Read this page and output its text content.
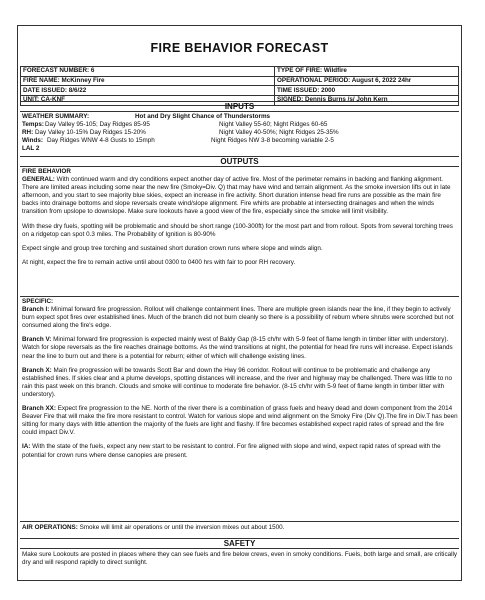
FIRE BEHAVIOR FORECAST
FORECAST NUMBER: 6	TYPE OF FIRE: Wildfire
FIRE NAME: McKinney Fire	OPERATIONAL PERIOD: August 6, 2022 24hr
DATE ISSUED: 8/6/22	TIME ISSUED: 2000
UNIT: CA-KNF	SIGNED: Dennis Burns /s/ John Kern
INPUTS
WEATHER SUMMARY:	Hot and Dry Slight Chance of Thunderstorms
Temps: Day Valley 95-105; Day Ridges 85-95	Night Valley 55-60; Night Ridges 60-65
RH: Day Valley 10-15% Day Ridges 15-20%	Night Valley 40-50%; Night Ridges 25-35%
Winds: Day Ridges WNW 4-8 Gusts to 15mph	Night Ridges NW 3-8 becoming variable 2-5
LAL 2
OUTPUTS

FIRE BEHAVIOR

GENERAL: With continued warm and dry conditions expect another day of active fire. Most of the perimeter remains in backing and flanking alignment. There are limited areas including some near the new fire (Smoky=Div. Q) that may have wind and terrain alignment. As the smoke inversion lifts out in late afternoon, and you start to see majority blue skies, expect an increase in fire activity. Short duration intense head fire runs are possible as the main fire backs into drainage bottoms and slope reversals create wind/slope alignment. Fire whirls are probable at intersecting drainages and when the winds transition from upslope to downslope. Make sure lookouts have a good view of the fire, especially since the smoke will limit visibility.

With these dry fuels, spotting will be problematic and should be short range (100-300ft) for the most part and from rollout. Spots from several torching trees on a ridgetop can spot 0.3 miles. The Probability of Ignition is 80-90%

Expect single and group tree torching and sustained short duration crown runs where slope and winds align.

At night, expect the fire to remain active until about 0300 to 0400 hrs with fair to poor RH recovery.

SPECIFIC:

Branch I: Minimal forward fire progression. Rollout will challenge containment lines. There are multiple green islands near the line, if they begin to actively burn expect spot fires over established lines. Much of the branch did not burn cleanly so there is a possibility of reburn where shrubs were scorched but not consumed along the fire's edge.

Branch V: Minimal forward fire progression is expected mainly west of Baldy Gap (8-15 ch/hr with 5-9 feet of flame length in timber litter with understory). Watch for slope reversals as the fire reaches drainage bottoms. As the wind transitions at night, the potential for head fire runs will increase. Expect islands near the line to burn out and there is a potential for reburn; either of which will challenge existing lines.

Branch X: Main fire progression will be towards Scott Bar and down the Hwy 96 corridor. Rollout will continue to be problematic and challenge any established lines. If skies clear and a plume develops, spotting distances will increase, and the river and highway may be challenged. There was little to no rain this past week on this branch. Clouds and smoke will continue to moderate fire behavior. (8-15 ch/hr with 5-9 feet of flame length in timber litter with understory).

Branch XX: Expect fire progression to the NE. North of the river there is a combination of grass fuels and heavy dead and down component from the 2014 Beaver Fire that will make the fire more resistant to control. Watch for various slope and wind alignment on the Smoky Fire (Div Q).The fire in Div.T has been sitting for many days with little attention the majority of the fuels are light and flashy. If fire becomes established expect rapid rates of spread and the fire could impact Div.V.

IA: With the state of the fuels, expect any new start to be resistant to control. For fire aligned with slope and wind, expect rapid rates of spread with the potential for crown runs where dense canopies are present.

AIR OPERATIONS: Smoke will limit air operations or until the inversion mixes out about 1500.

SAFETY

Make sure Lookouts are posted in places where they can see fuels and fire below crews, even in smoky conditions. Fuels, both large and small, are critically dry and will respond rapidly to direct sunlight.
